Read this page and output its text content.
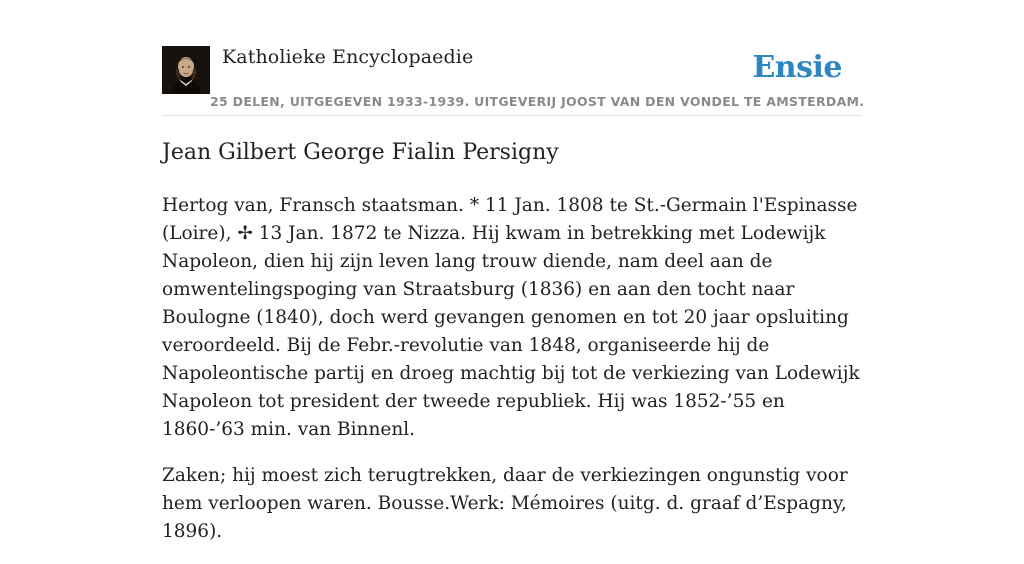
Katholieke Encyclopaedie
25 DELEN, UITGEGEVEN 1933-1939. UITGEVERIJ JOOST VAN DEN VONDEL TE AMSTERDAM.
Ensie
Jean Gilbert George Fialin Persigny

Hertog van, Fransch staatsman. * 11 Jan. 1808 te St.-Germain l'Espinasse (Loire), ✢ 13 Jan. 1872 te Nizza. Hij kwam in betrekking met Lodewijk Napoleon, dien hij zijn leven lang trouw diende, nam deel aan de omwentelingspoging van Straatsburg (1836) en aan den tocht naar Boulogne (1840), doch werd gevangen genomen en tot 20 jaar opsluiting veroordeeld. Bij de Febr.-revolutie van 1848, organiseerde hij de Napoleontische partij en droeg machtig bij tot de verkiezing van Lodewijk Napoleon tot president der tweede republiek. Hij was 1852-’55 en 1860-’63 min. van Binnenl.

Zaken; hij moest zich terugtrekken, daar de verkiezingen ongunstig voor hem verloopen waren. Bousse.Werk: Mémoires (uitg. d. graaf d’Espagny, 1896).
